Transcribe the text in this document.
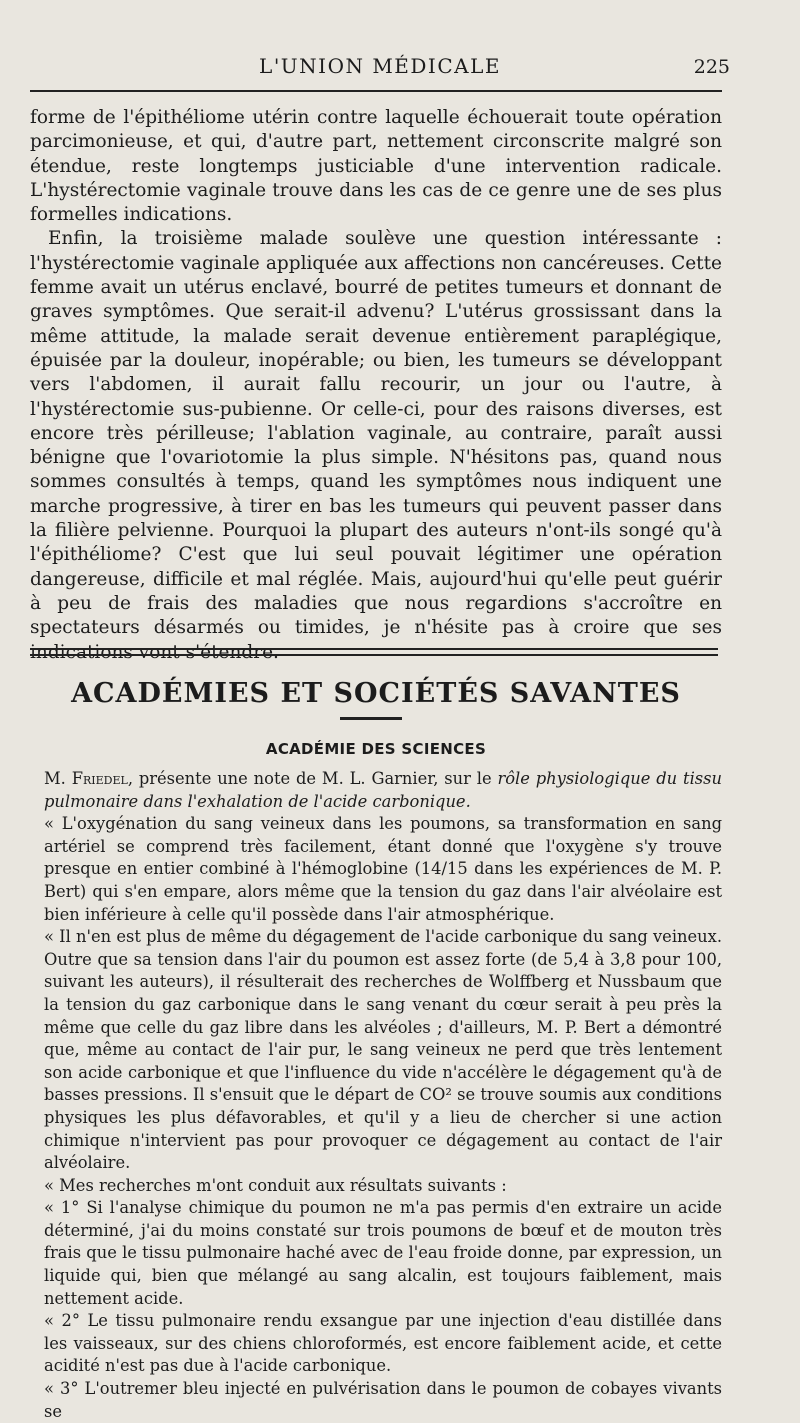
L'UNION MÉDICALE	225

forme de l'épithéliome utérin contre laquelle échouerait toute opération parcimonieuse, et qui, d'autre part, nettement circonscrite malgré son étendue, reste longtemps justiciable d'une intervention radicale. L'hystérectomie vaginale trouve dans les cas de ce genre une de ses plus formelles indications.

Enfin, la troisième malade soulève une question intéressante : l'hystérectomie vaginale appliquée aux affections non cancéreuses. Cette femme avait un utérus enclavé, bourré de petites tumeurs et donnant de graves symptômes. Que serait-il advenu? L'utérus grossissant dans la même attitude, la malade serait devenue entièrement paraplégique, épuisée par la douleur, inopérable; ou bien, les tumeurs se développant vers l'abdomen, il aurait fallu recourir, un jour ou l'autre, à l'hystérectomie sus-pubienne. Or celle-ci, pour des raisons diverses, est encore très périlleuse; l'ablation vaginale, au contraire, paraît aussi bénigne que l'ovariotomie la plus simple. N'hésitons pas, quand nous sommes consultés à temps, quand les symptômes nous indiquent une marche progressive, à tirer en bas les tumeurs qui peuvent passer dans la filière pelvienne. Pourquoi la plupart des auteurs n'ont-ils songé qu'à l'épithéliome? C'est que lui seul pouvait légitimer une opération dangereuse, difficile et mal réglée. Mais, aujourd'hui qu'elle peut guérir à peu de frais des maladies que nous regardions s'accroître en spectateurs désarmés ou timides, je n'hésite pas à croire que ses indications vont s'étendre.

ACADÉMIES ET SOCIÉTÉS SAVANTES
ACADÉMIE DES SCIENCES

M. Friedel, présente une note de M. L. Garnier, sur le rôle physiologique du tissu pulmonaire dans l'exhalation de l'acide carbonique.

« L'oxygénation du sang veineux dans les poumons, sa transformation en sang artériel se comprend très facilement, étant donné que l'oxygène s'y trouve presque en entier combiné à l'hémoglobine (14/15 dans les expériences de M. P. Bert) qui s'en empare, alors même que la tension du gaz dans l'air alvéolaire est bien inférieure à celle qu'il possède dans l'air atmosphérique.

« Il n'en est plus de même du dégagement de l'acide carbonique du sang veineux. Outre que sa tension dans l'air du poumon est assez forte (de 5,4 à 3,8 pour 100, suivant les auteurs), il résulterait des recherches de Wolffberg et Nussbaum que la tension du gaz carbonique dans le sang venant du cœur serait à peu près la même que celle du gaz libre dans les alvéoles ; d'ailleurs, M. P. Bert a démontré que, même au contact de l'air pur, le sang veineux ne perd que très lentement son acide carbonique et que l'influence du vide n'accélère le dégagement qu'à de basses pressions. Il s'ensuit que le départ de CO² se trouve soumis aux conditions physiques les plus défavorables, et qu'il y a lieu de chercher si une action chimique n'intervient pas pour provoquer ce dégagement au contact de l'air alvéolaire.

« Mes recherches m'ont conduit aux résultats suivants :

« 1° Si l'analyse chimique du poumon ne m'a pas permis d'en extraire un acide déterminé, j'ai du moins constaté sur trois poumons de bœuf et de mouton très frais que le tissu pulmonaire haché avec de l'eau froide donne, par expression, un liquide qui, bien que mélangé au sang alcalin, est toujours faiblement, mais nettement acide.

« 2° Le tissu pulmonaire rendu exsangue par une injection d'eau distillée dans les vaisseaux, sur des chiens chloroformés, est encore faiblement acide, et cette acidité n'est pas due à l'acide carbonique.

« 3° L'outremer bleu injecté en pulvérisation dans le poumon de cobayes vivants se
